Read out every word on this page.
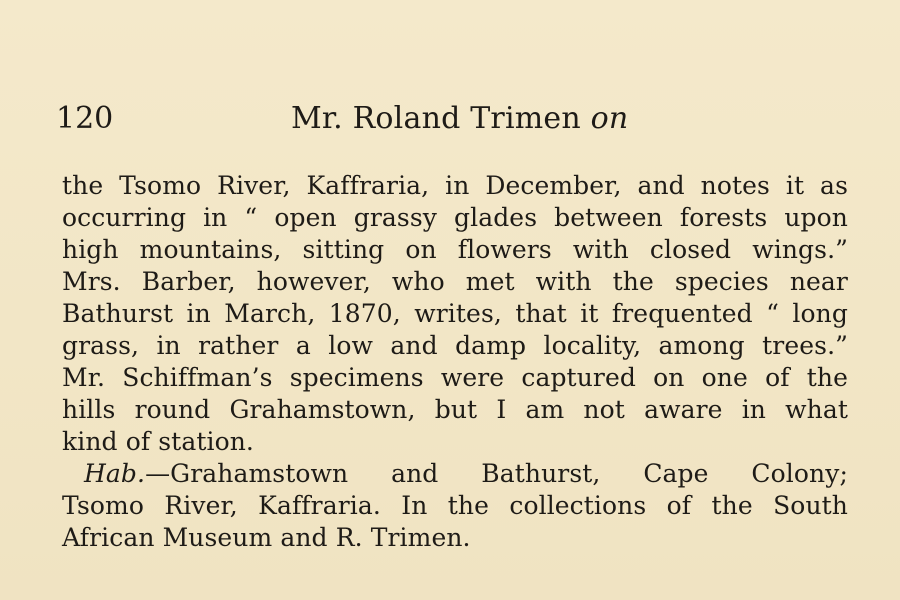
120	Mr. Roland Trimen on
the Tsomo River, Kaffraria, in December, and notes it as
occurring in “ open grassy glades between forests upon
high mountains, sitting on flowers with closed wings.”
Mrs. Barber, however, who met with the species near
Bathurst in March, 1870, writes, that it frequented “ long
grass, in rather a low and damp locality, among trees.”
Mr. Schiffman’s specimens were captured on one of the
hills round Grahamstown, but I am not aware in what
kind of station.
Hab.—Grahamstown and Bathurst, Cape Colony;
Tsomo River, Kaffraria. In the collections of the South
African Museum and R. Trimen.
